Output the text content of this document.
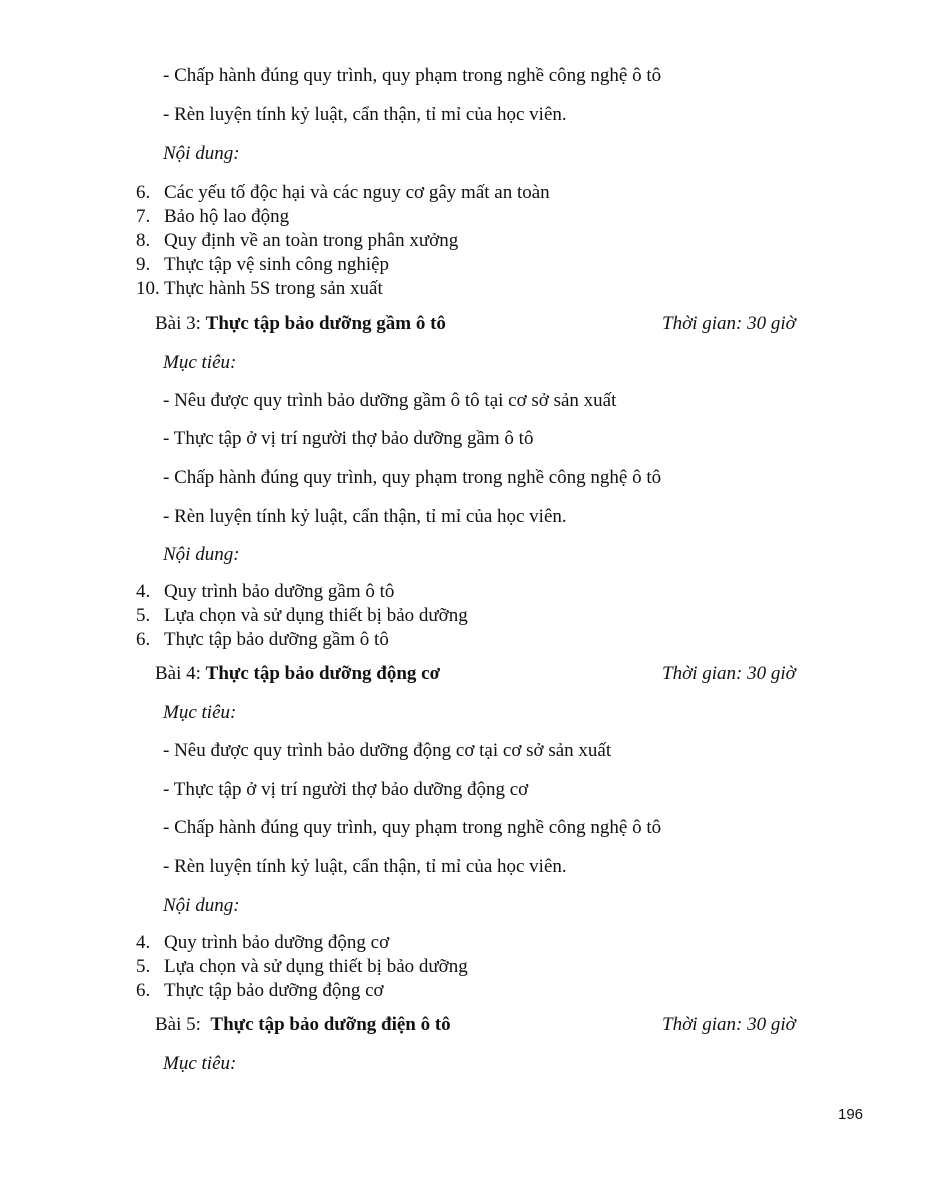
- Chấp hành đúng quy trình, quy phạm trong nghề công nghệ ô tô
- Rèn luyện tính kỷ luật, cẩn thận, tỉ mỉ của học viên.
Nội dung:
6. Các yếu tố độc hại và các nguy cơ gây mất an toàn
7. Bảo hộ lao động
8. Quy định về an toàn trong phân xưởng
9. Thực tập vệ sinh công nghiệp
10. Thực hành 5S trong sản xuất
Bài 3: Thực tập bảo dưỡng gầm ô tô	Thời gian: 30 giờ
Mục tiêu:
- Nêu được quy trình bảo dưỡng gầm ô tô tại cơ sở sản xuất
- Thực tập ở vị trí người thợ bảo dưỡng gầm ô tô
- Chấp hành đúng quy trình, quy phạm trong nghề công nghệ ô tô
- Rèn luyện tính kỷ luật, cẩn thận, tỉ mỉ của học viên.
Nội dung:
4. Quy trình bảo dưỡng gầm ô tô
5. Lựa chọn và sử dụng thiết bị bảo dưỡng
6. Thực tập bảo dưỡng gầm ô tô
Bài 4: Thực tập bảo dưỡng động cơ	Thời gian: 30 giờ
Mục tiêu:
- Nêu được quy trình bảo dưỡng động cơ tại cơ sở sản xuất
- Thực tập ở vị trí người thợ bảo dưỡng động cơ
- Chấp hành đúng quy trình, quy phạm trong nghề công nghệ ô tô
- Rèn luyện tính kỷ luật, cẩn thận, tỉ mỉ của học viên.
Nội dung:
4. Quy trình bảo dưỡng động cơ
5. Lựa chọn và sử dụng thiết bị bảo dưỡng
6. Thực tập bảo dưỡng động cơ
Bài 5:  Thực tập bảo dưỡng điện ô tô	Thời gian: 30 giờ
Mục tiêu:
196
